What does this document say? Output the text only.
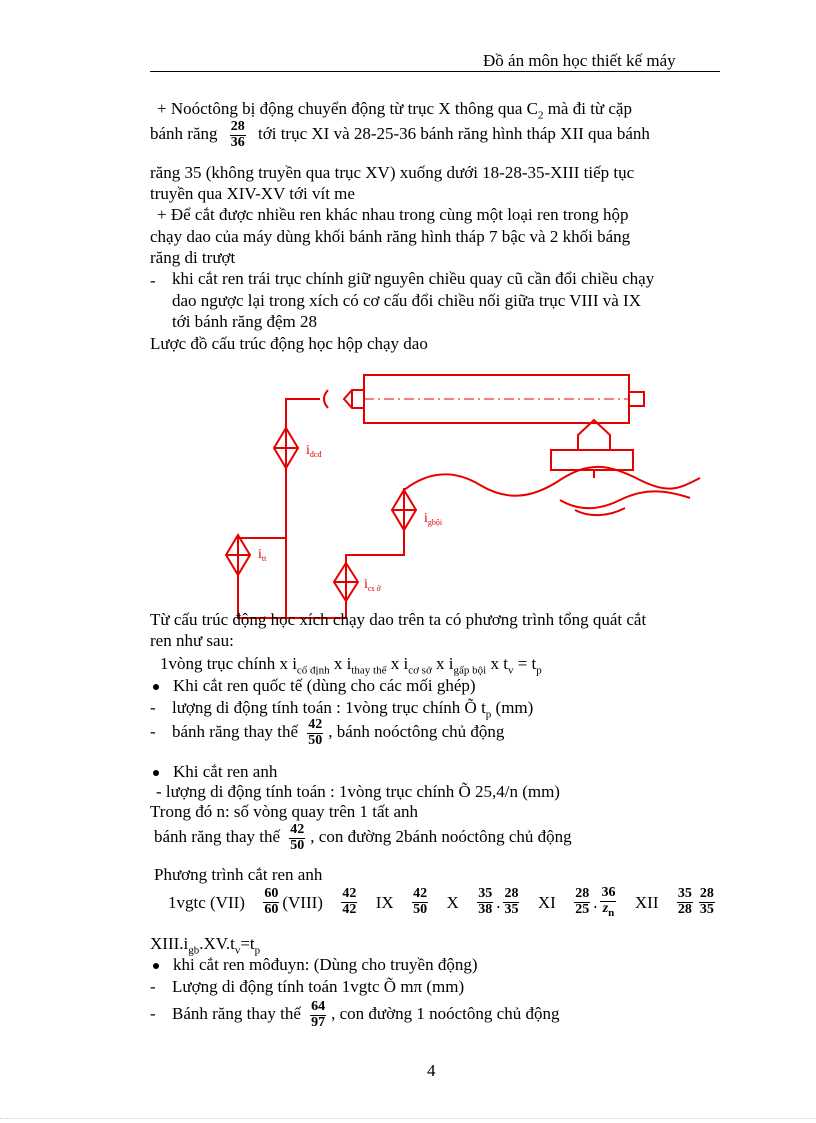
Đồ án môn học thiết kế máy
+ Noóctông bị động chuyển động từ trục X thông qua $C_2$ mà đi từ cặp
bánh răng $\frac{28}{36}$ tới trục XI và 28-25-36 bánh răng hình tháp XII qua bánh
răng 35 (không truyền qua trục XV) xuống dưới 18-28-35-XIII tiếp tục
truyền qua XIV-XV tới vít me
+ Để cắt được nhiều ren khác nhau trong cùng một loại ren trong hộp
chạy dao của máy dùng khối bánh răng hình tháp 7 bậc và 2 khối báng
răng di trượt
- khi cắt ren trái trục chính giữ nguyên chiều quay cũ cần đổi chiều chạy
dao ngược lại trong xích có cơ cấu đổi chiều nối giữa trục VIII và IX
tới bánh răng đệm 28
Lược đồ cấu trúc động học hộp chạy dao
$i_{đcđ}$
$i_{tt}$
$i_{gbội}$
$i_{cs ở}$
Từ cấu trúc động học xích chạy dao trên ta có phương trình tổng quát cắt
ren như sau:
1vòng trục chính x $i_{cố định}$ x $i_{thay thế}$ x $i_{cơ sở}$ x $i_{gấp bội}$ x $t_v = t_p$
Khi cắt ren quốc tế (dùng cho các mối ghép)
- lượng di động tính toán : 1vòng trục chính Õ $t_p$ (mm)
- bánh răng thay thế $\frac{42}{50}$ , bánh noóctông chủ động
Khi cắt ren anh
- lượng di động tính toán : 1vòng trục chính Õ 25,4/n (mm)
Trong đó n: số vòng quay trên 1 tất anh
bánh răng thay thế $\frac{42}{50}$ , con đường 2bánh noóctông chủ động
Phương trình cắt ren anh
1vgtc $(VII) \frac{60}{60}$ (VIII) $\frac{42}{42}$ IX $\frac{42}{50}$ X $\frac{35}{38}$ . $\frac{28}{35}$ XI $\frac{28}{25}$ . $\frac{36}{z_n}$ XII $\frac{35}{28} \frac{28}{35}$
$XIII.i_{gb}.XV.t_v=t_p$
khi cắt ren môđuyn: (Dùng cho truyền động)
- Lượng di động tính toán 1vgtc Õ mπ (mm)
- Bánh răng thay thế $\frac{64}{97}$ , con đường 1 noóctông chủ động
4
